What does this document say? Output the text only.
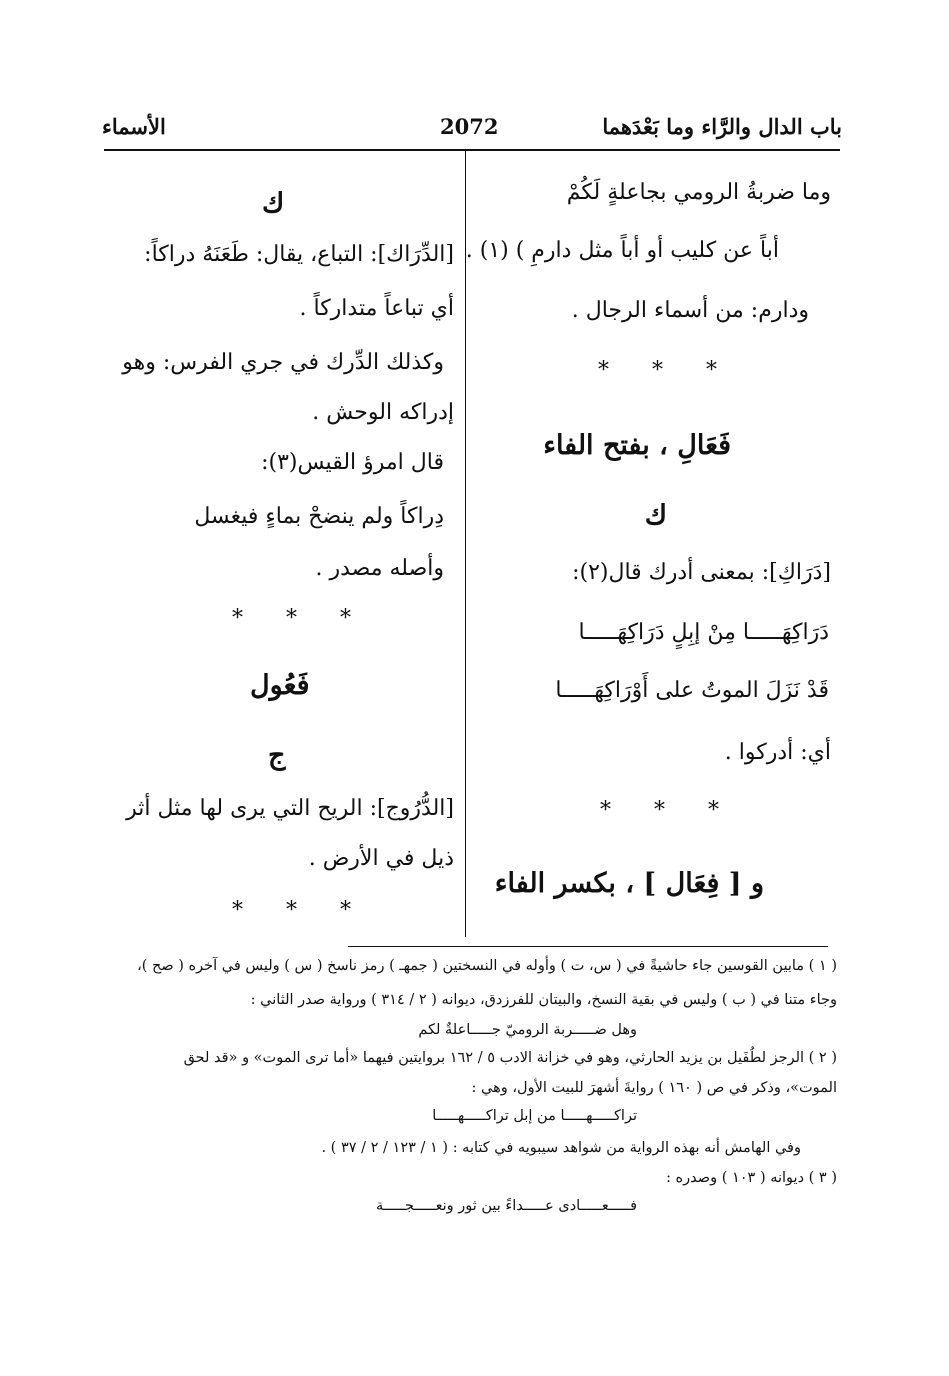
باب الدال والرَّاء وما بَعْدَهما
2072
الأسماء
وما ضربةُ الرومي بجاعلةٍ لَكُمْ
أباً عن كليب أو أباً مثل دارمِ ) (١) .
ودارم: من أسماء الرجال .
* * *
فَعَالِ ، بفتح الفاء
ك
[دَرَاكِ]: بمعنى أدرك قال(٢):
دَرَاكِهَـــــا مِنْ إبِلٍ دَرَاكِهَـــــا
قَدْ نَزَلَ الموتُ على أَوْرَاكِهَـــــا
أي: أدركوا .
* * *
و [ فِعَال ] ، بكسر الفاء
ك
[الدِّرَاك]: التباع، يقال: طَعَنَهُ دراكاً:
أي تباعاً متداركاً .
وكذلك الدِّرك في جري الفرس: وهو
إدراكه الوحش .
قال امرؤ القيس(٣):
دِراكاً ولم ينضحْ بماءٍ فيغسل
وأصله مصدر .
* * *
فَعُول
ج
[الدُّرُوج]: الريح التي يرى لها مثل أثر
ذيل في الأرض .
* * *
( ١ ) مابين القوسين جاء حاشيةً في ( س، ت ) وأوله في النسختين ( جمهـ ) رمز ناسخ ( س ) وليس في آخره ( صح )،
وجاء متنا في ( ب ) وليس في بقية النسخ، والبيتان للفرزدق، ديوانه ( ٢ / ٣١٤ ) ورواية صدر الثاني :
وهل ضـــــربة الروميّ جـــــاعلةٌ لكم
( ٢ ) الرجز لطُفَيل بن يزيد الحارثي، وهو في خزانة الادب ٥ / ١٦٢ بروايتين فيهما «أما ترى الموت» و «قد لحق
الموت»، وذكر في ص ( ١٦٠ ) روايةَ أشهرَ للبيت الأول، وهي :
تراكـــــهـــــا من إبل تراكـــــهـــــا
وفي الهامش أنه بهذه الرواية من شواهد سيبويه في كتابه : ( ١ / ١٢٣ / ٢ / ٣٧ ) .
( ٣ ) ديوانه ( ١٠٣ ) وصدره :
فـــــعـــــادى عـــــداءً بين ثور ونعـــــجـــــة
